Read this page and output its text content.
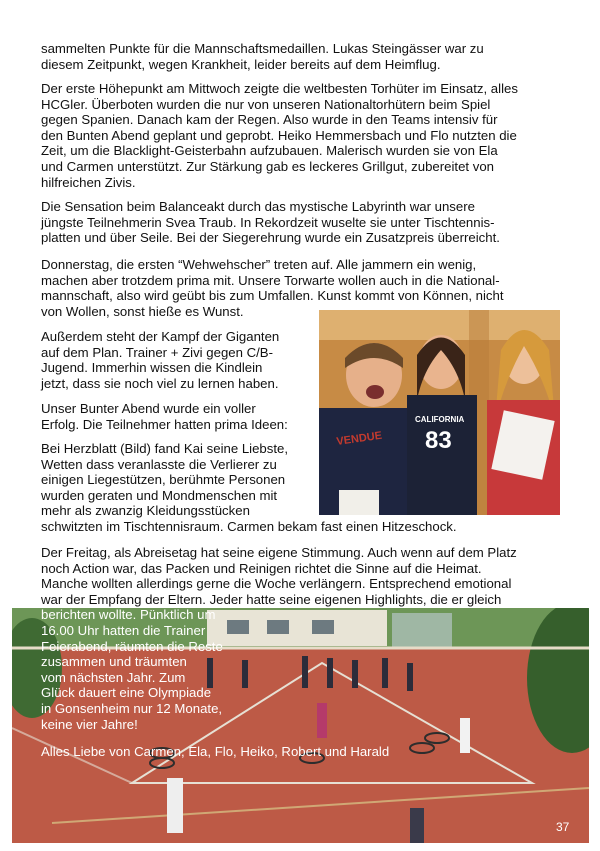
VENDUE
CALIFORNIA
83

sammelten Punkte für die Mannschaftsmedaillen. Lukas Steingässer war zu
diesem Zeitpunkt, wegen Krankheit, leider bereits auf dem Heimflug.

Der erste Höhepunkt am Mittwoch zeigte die weltbesten Torhüter im Einsatz, alles
HCGler. Überboten wurden die nur von unseren Nationaltorhütern beim Spiel
gegen Spanien. Danach kam der Regen. Also wurde in den Teams intensiv für
den Bunten Abend geplant und geprobt. Heiko Hemmersbach und Flo nutzten die
Zeit, um die Blacklight-Geisterbahn aufzubauen. Malerisch wurden sie von Ela
und Carmen unterstützt. Zur Stärkung gab es leckeres Grillgut, zubereitet von
hilfreichen Zivis.

Die Sensation beim Balanceakt durch das mystische Labyrinth war unsere
jüngste Teilnehmerin Svea Traub. In Rekordzeit wuselte sie unter Tischtennis-
platten und über Seile. Bei der Siegerehrung wurde ein Zusatzpreis überreicht.

Donnerstag, die ersten “Wehwehscher” treten auf. Alle jammern ein wenig,
machen aber trotzdem prima mit. Unsere Torwarte wollen auch in die National-
mannschaft, also wird geübt bis zum Umfallen. Kunst kommt von Können, nicht
von Wollen, sonst hieße es Wunst.

Außerdem steht der Kampf der Giganten
auf dem Plan. Trainer + Zivi gegen C/B-
Jugend. Immerhin wissen die Kindlein
jetzt, dass sie noch viel zu lernen haben.

Unser Bunter Abend wurde ein voller
Erfolg. Die Teilnehmer hatten prima Ideen:

Bei Herzblatt (Bild) fand Kai seine Liebste,
Wetten dass veranlasste die Verlierer zu
einigen Liegestützen, berühmte Personen
wurden geraten und Mondmenschen mit
mehr als zwanzig Kleidungsstücken
schwitzten im Tischtennisraum. Carmen bekam fast einen Hitzeschock.

Der Freitag, als Abreisetag hat seine eigene Stimmung. Auch wenn auf dem Platz
noch Action war, das Packen und Reinigen richtet die Sinne auf die Heimat.
Manche wollten allerdings gerne die Woche verlängern. Entsprechend emotional
war der Empfang der Eltern. Jeder hatte seine eigenen Highlights, die er gleich
berichten wollte. Pünktlich um
16.00 Uhr hatten die Trainer
Feierabend, räumten die Reste
zusammen und träumten
vom nächsten Jahr. Zum
Glück dauert eine Olympiade
in Gonsenheim nur 12 Monate,
keine vier Jahre!

Alles Liebe von Carmen, Ela, Flo, Heiko, Robert und Harald

37
